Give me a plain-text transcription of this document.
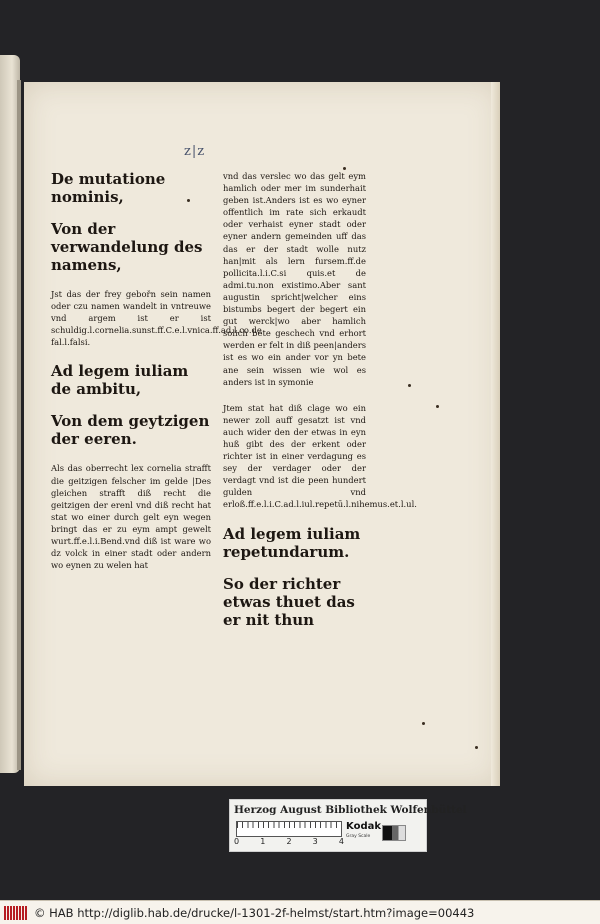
z|z
De mutatione nominis,
Von der verwandelung des namens,
Jst das der frey gebořn sein namen oder czu namen wandelt in vntreuwe vnd argem ist er ist schuldig.l.cornelia.sunst.ff.C.e.l.vnica.ff.ad.l.co.de fal.l.falsi.
Ad legem iuliam de ambitu,
Von dem geytzigen der eeren.
Als das oberrecht lex cornelia strafft die geitzigen felscher im gelde |Des gleichen strafft diß recht die geitzigen der erenl vnd diß recht hat stat wo einer durch gelt eyn wegen bringt das er zu eym ampt gewelt wurt.ff.e.l.i.Bend.vnd diß ist ware wo dz volck in einer stadt oder andern wo eynen zu welen hat
vnd das verslec wo das gelt eym hamlich oder mer im sunderhait geben ist.Anders ist es wo eyner offentlich im rate sich erkaudt oder verhaist eyner stadt oder eyner andern gemeinden uff das das er der stadt wolle nutz han|mit als lern fursem.ff.de pollicita.l.i.C.si quis.et de admi.tu.non existimo.Aber sant augustin spricht|welcher eins bistumbs begert der begert ein gut werck|wo aber hamlich solich bete geschech vnd erhort werden er felt in diß peen|anders ist es wo ein ander vor yn bete ane sein wissen wie wol es anders ist in symonie
Jtem stat hat diß clage wo ein newer zoll auff gesatzt ist vnd auch wider den der etwas in eyn huß gibt des der erkent oder richter ist in einer verdagung es sey der verdager oder der verdagt vnd ist die peen hundert gulden vnd erloß.ff.e.l.i.C.ad.l.iul.repetū.l.nihemus.et.l.ul.
Ad legem iuliam repetundarum.
So der richter etwas thuet das er nit thun
Herzog August Bibliothek Wolfenbüttel
0	1	2	3	4
Kodak
Gray Scale
© HAB http://diglib.hab.de/drucke/l-1301-2f-helmst/start.htm?image=00443
